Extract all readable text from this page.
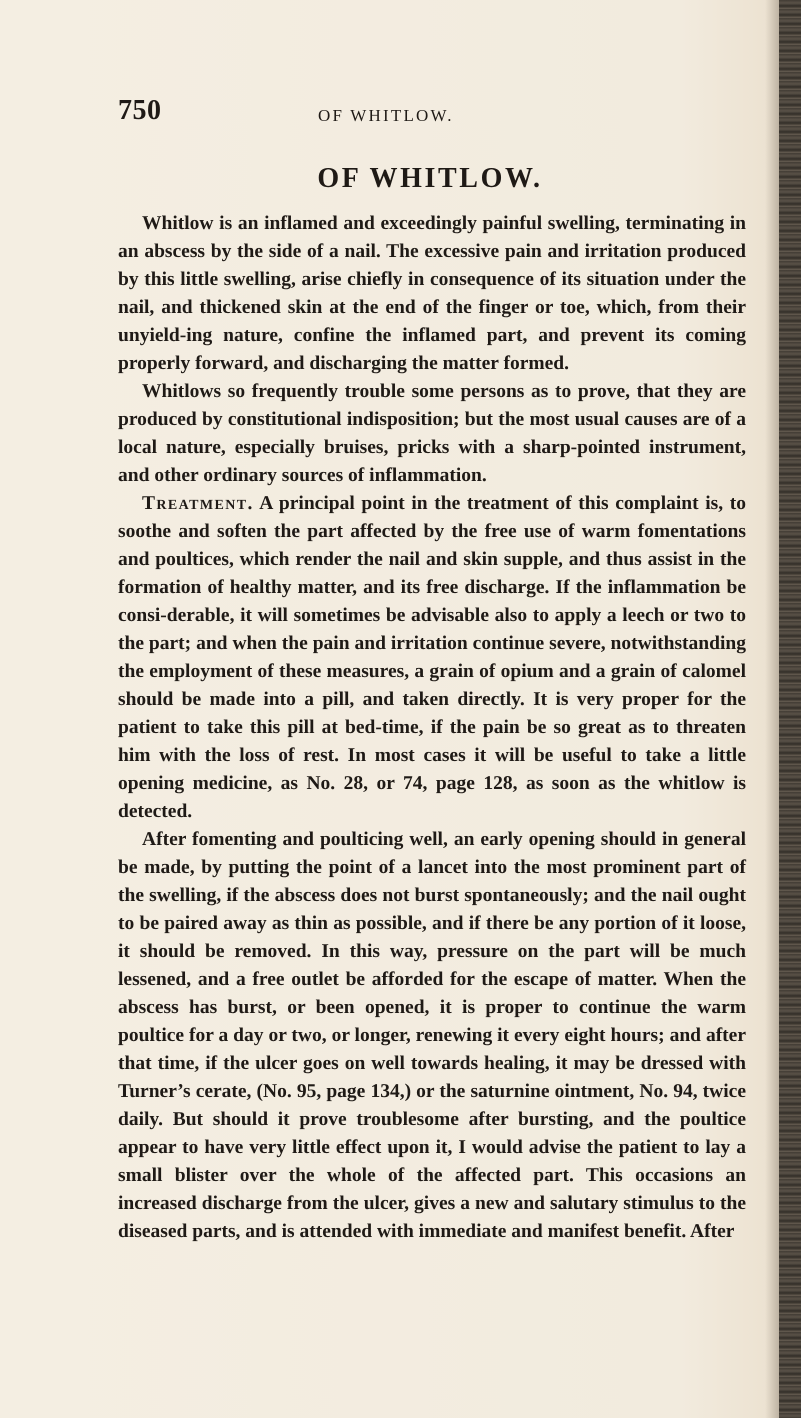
750	OF WHITLOW.
OF WHITLOW.

Whitlow is an inflamed and exceedingly painful swelling, terminating in an abscess by the side of a nail. The excessive pain and irritation produced by this little swelling, arise chiefly in consequence of its situation under the nail, and thickened skin at the end of the finger or toe, which, from their unyield-ing nature, confine the inflamed part, and prevent its coming properly forward, and discharging the matter formed.

Whitlows so frequently trouble some persons as to prove, that they are produced by constitutional indisposition; but the most usual causes are of a local nature, especially bruises, pricks with a sharp-pointed instrument, and other ordinary sources of inflammation.

Treatment. A principal point in the treatment of this complaint is, to soothe and soften the part affected by the free use of warm fomentations and poultices, which render the nail and skin supple, and thus assist in the formation of healthy matter, and its free discharge. If the inflammation be consi-derable, it will sometimes be advisable also to apply a leech or two to the part; and when the pain and irritation continue severe, notwithstanding the employment of these measures, a grain of opium and a grain of calomel should be made into a pill, and taken directly. It is very proper for the patient to take this pill at bed-time, if the pain be so great as to threaten him with the loss of rest. In most cases it will be useful to take a little opening medicine, as No. 28, or 74, page 128, as soon as the whitlow is detected.

After fomenting and poulticing well, an early opening should in general be made, by putting the point of a lancet into the most prominent part of the swelling, if the abscess does not burst spontaneously; and the nail ought to be paired away as thin as possible, and if there be any portion of it loose, it should be removed. In this way, pressure on the part will be much lessened, and a free outlet be afforded for the escape of matter. When the abscess has burst, or been opened, it is proper to continue the warm poultice for a day or two, or longer, renewing it every eight hours; and after that time, if the ulcer goes on well towards healing, it may be dressed with Turner’s cerate, (No. 95, page 134,) or the saturnine ointment, No. 94, twice daily. But should it prove troublesome after bursting, and the poultice appear to have very little effect upon it, I would advise the patient to lay a small blister over the whole of the affected part. This occasions an increased discharge from the ulcer, gives a new and salutary stimulus to the diseased parts, and is attended with immediate and manifest benefit. After
